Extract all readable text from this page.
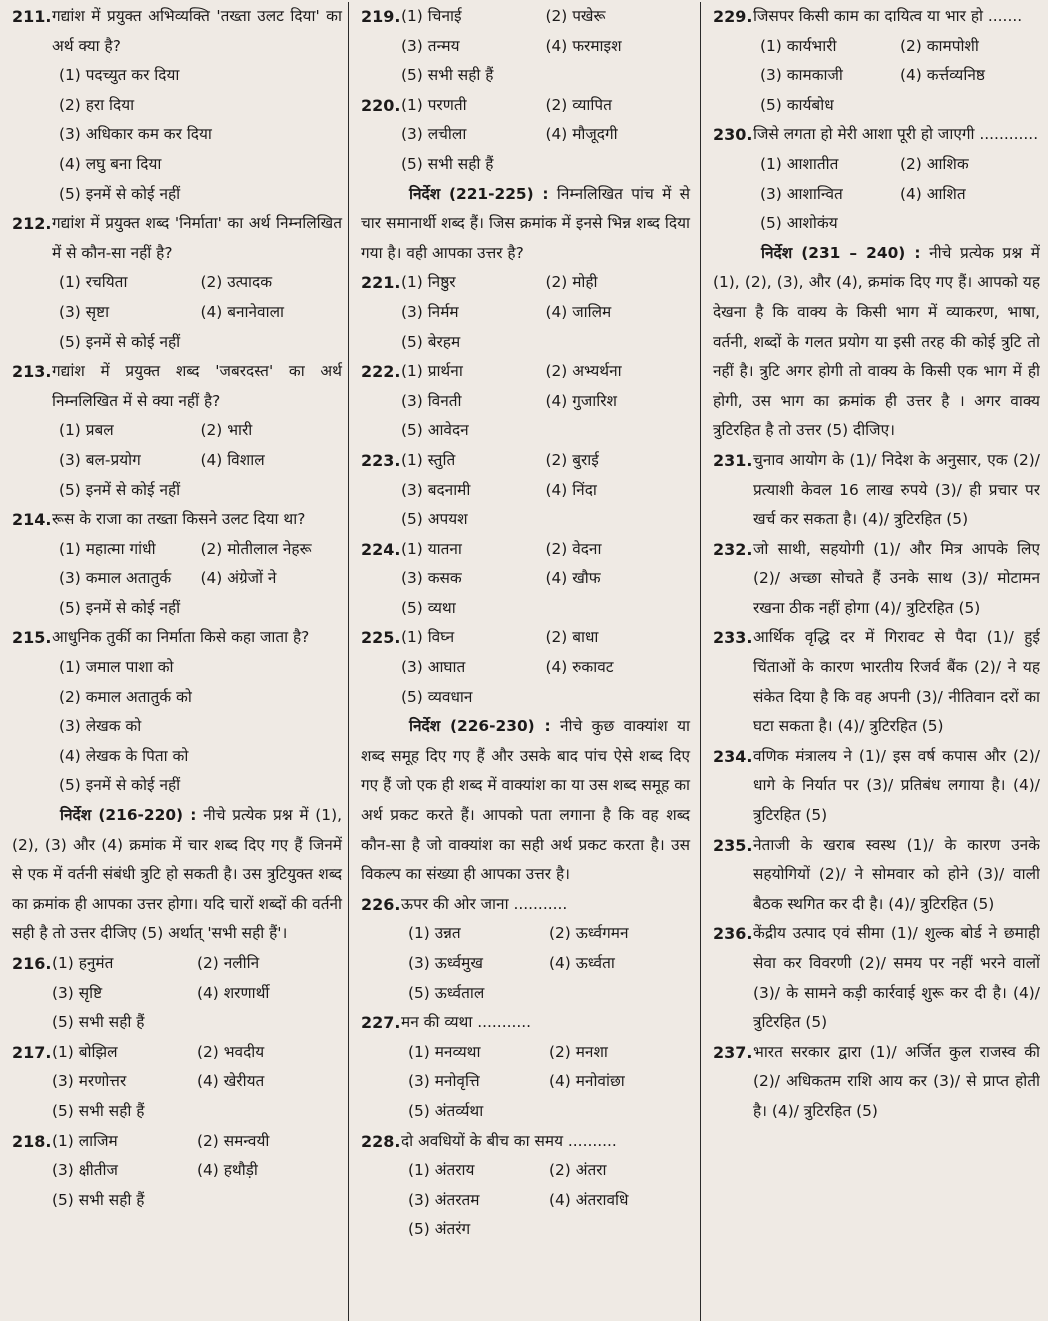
211. गद्यांश में प्रयुक्त अभिव्यक्ति 'तख्ता उलट दिया' का अर्थ क्या है?
(1) पदच्युत कर दिया
(2) हरा दिया
(3) अधिकार कम कर दिया
(4) लघु बना दिया
(5) इनमें से कोई नहीं
212. गद्यांश में प्रयुक्त शब्द 'निर्माता' का अर्थ निम्नलिखित में से कौन-सा नहीं है?
(1) रचयिता	(2) उत्पादक
(3) सृष्टा	(4) बनानेवाला
(5) इनमें से कोई नहीं
213. गद्यांश में प्रयुक्त शब्द 'जबरदस्त' का अर्थ निम्नलिखित में से क्या नहीं है?
(1) प्रबल	(2) भारी
(3) बल-प्रयोग	(4) विशाल
(5) इनमें से कोई नहीं
214. रूस के राजा का तख्ता किसने उलट दिया था?
(1) महात्मा गांधी	(2) मोतीलाल नेहरू
(3) कमाल अतातुर्क	(4) अंग्रेजों ने
(5) इनमें से कोई नहीं
215. आधुनिक तुर्की का निर्माता किसे कहा जाता है?
(1) जमाल पाशा को
(2) कमाल अतातुर्क को
(3) लेखक को
(4) लेखक के पिता को
(5) इनमें से कोई नहीं
निर्देश (216-220) : नीचे प्रत्येक प्रश्न में (1), (2), (3) और (4) क्रमांक में चार शब्द दिए गए हैं जिनमें से एक में वर्तनी संबंधी त्रुटि हो सकती है। उस त्रुटियुक्त शब्द का क्रमांक ही आपका उत्तर होगा। यदि चारों शब्दों की वर्तनी सही है तो उत्तर दीजिए (5) अर्थात् 'सभी सही हैं'।
216. (1) हनुमंत	(2) नलीनि
(3) सृष्टि	(4) शरणार्थी
(5) सभी सही हैं
217. (1) बोझिल	(2) भवदीय
(3) मरणोत्तर	(4) खेरीयत
(5) सभी सही हैं
218. (1) लाजिम	(2) समन्वयी
(3) क्षीतीज	(4) हथौड़ी
(5) सभी सही हैं
219. (1) चिनाई	(2) पखेरू
(3) तन्मय	(4) फरमाइश
(5) सभी सही हैं
220. (1) परणती	(2) व्यापित
(3) लचीला	(4) मौजूदगी
(5) सभी सही हैं
निर्देश (221-225) : निम्नलिखित पांच में से चार समानार्थी शब्द हैं। जिस क्रमांक में इनसे भिन्न शब्द दिया गया है। वही आपका उत्तर है?
221. (1) निष्ठुर	(2) मोही
(3) निर्मम	(4) जालिम
(5) बेरहम
222. (1) प्रार्थना	(2) अभ्यर्थना
(3) विनती	(4) गुजारिश
(5) आवेदन
223. (1) स्तुति	(2) बुराई
(3) बदनामी	(4) निंदा
(5) अपयश
224. (1) यातना	(2) वेदना
(3) कसक	(4) खौफ
(5) व्यथा
225. (1) विघ्न	(2) बाधा
(3) आघात	(4) रुकावट
(5) व्यवधान
निर्देश (226-230) : नीचे कुछ वाक्यांश या शब्द समूह दिए गए हैं और उसके बाद पांच ऐसे शब्द दिए गए हैं जो एक ही शब्द में वाक्यांश का या उस शब्द समूह का अर्थ प्रकट करते हैं। आपको पता लगाना है कि वह शब्द कौन-सा है जो वाक्यांश का सही अर्थ प्रकट करता है। उस विकल्प का संख्या ही आपका उत्तर है।
226. ऊपर की ओर जाना ...........
(1) उन्नत	(2) ऊर्ध्वगमन
(3) ऊर्ध्वमुख	(4) ऊर्ध्वता
(5) ऊर्ध्वताल
227. मन की व्यथा ...........
(1) मनव्यथा	(2) मनशा
(3) मनोवृत्ति	(4) मनोवांछा
(5) अंतर्व्यथा
228. दो अवधियों के बीच का समय ..........
(1) अंतराय	(2) अंतरा
(3) अंतरतम	(4) अंतरावधि
(5) अंतरंग
229. जिसपर किसी काम का दायित्व या भार हो .......
(1) कार्यभारी	(2) कामपोशी
(3) कामकाजी	(4) कर्त्तव्यनिष्ठ
(5) कार्यबोध
230. जिसे लगता हो मेरी आशा पूरी हो जाएगी ............
(1) आशातीत	(2) आशिक
(3) आशान्वित	(4) आशित
(5) आशोकंय
निर्देश (231 – 240) : नीचे प्रत्येक प्रश्न में (1), (2), (3), और (4), क्रमांक दिए गए हैं। आपको यह देखना है कि वाक्य के किसी भाग में व्याकरण, भाषा, वर्तनी, शब्दों के गलत प्रयोग या इसी तरह की कोई त्रुटि तो नहीं है। त्रुटि अगर होगी तो वाक्य के किसी एक भाग में ही होगी, उस भाग का क्रमांक ही उत्तर है । अगर वाक्य त्रुटिरहित है तो उत्तर (5) दीजिए।
231. चुनाव आयोग के (1)/ निदेश के अनुसार, एक (2)/ प्रत्याशी केवल 16 लाख रुपये (3)/ ही प्रचार पर खर्च कर सकता है। (4)/ त्रुटिरहित (5)
232. जो साथी, सहयोगी (1)/ और मित्र आपके लिए (2)/ अच्छा सोचते हैं उनके साथ (3)/ मोटामन रखना ठीक नहीं होगा (4)/ त्रुटिरहित (5)
233. आर्थिक वृद्धि दर में गिरावट से पैदा (1)/ हुई चिंताओं के कारण भारतीय रिजर्व बैंक (2)/ ने यह संकेत दिया है कि वह अपनी (3)/ नीतिवान दरों का घटा सकता है। (4)/ त्रुटिरहित (5)
234. वणिक मंत्रालय ने (1)/ इस वर्ष कपास और (2)/ धागे के निर्यात पर (3)/ प्रतिबंध लगाया है। (4)/ त्रुटिरहित (5)
235. नेताजी के खराब स्वस्थ (1)/ के कारण उनके सहयोगियों (2)/ ने सोमवार को होने (3)/ वाली बैठक स्थगित कर दी है। (4)/ त्रुटिरहित (5)
236. केंद्रीय उत्पाद एवं सीमा (1)/ शुल्क बोर्ड ने छमाही सेवा कर विवरणी (2)/ समय पर नहीं भरने वालों (3)/ के सामने कड़ी कार्रवाई शुरू कर दी है। (4)/ त्रुटिरहित (5)
237. भारत सरकार द्वारा (1)/ अर्जित कुल राजस्व की (2)/ अधिकतम राशि आय कर (3)/ से प्राप्त होती है। (4)/ त्रुटिरहित (5)
